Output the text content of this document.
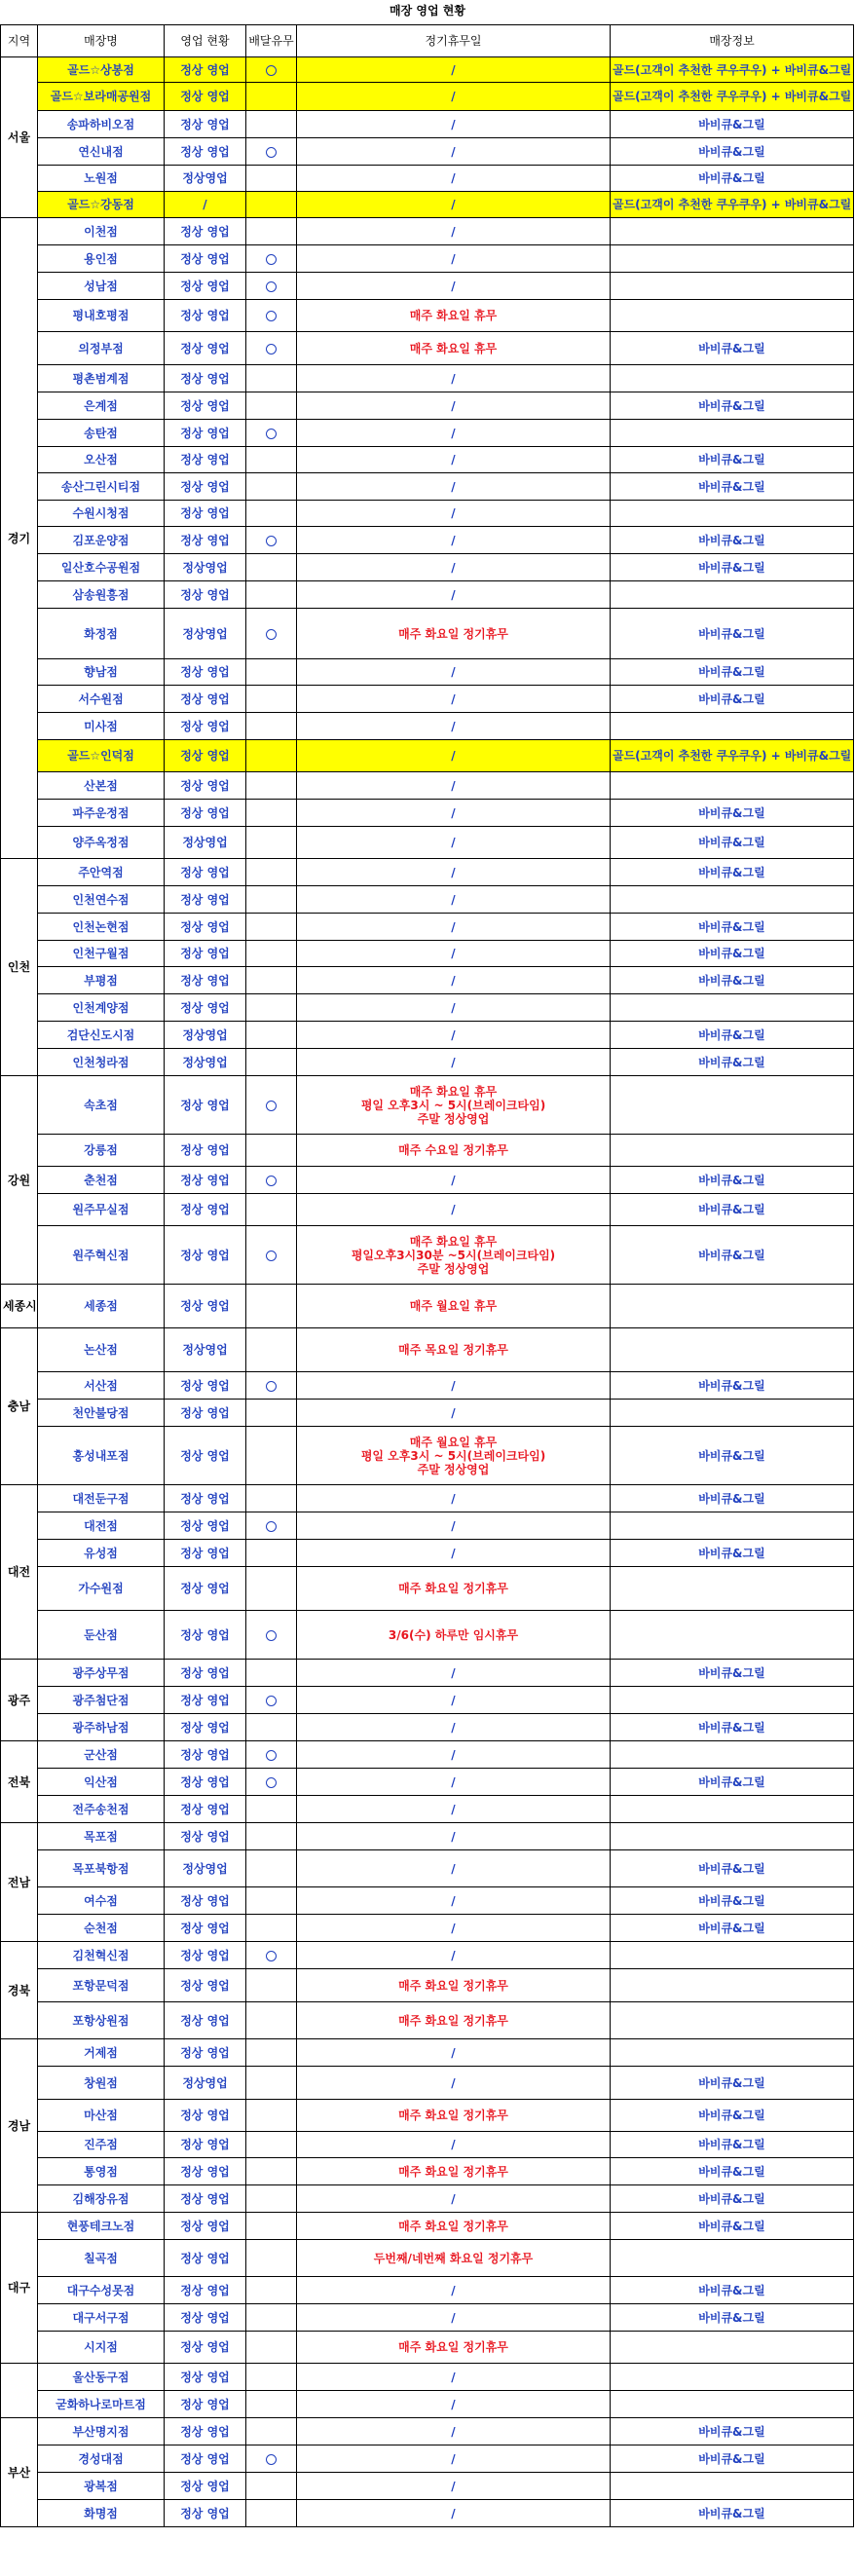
매장 영업 현황
지역	매장명	영업 현황	배달유무	정기휴무일	매장정보
서울	골드☆상봉점	정상 영업		/	골드(고객이 추천한 쿠우쿠우) + 바비큐&그릴
	골드☆보라매공원점	정상 영업		/	골드(고객이 추천한 쿠우쿠우) + 바비큐&그릴
	송파하비오점	정상 영업		/	바비큐&그릴
	연신내점	정상 영업		/	바비큐&그릴
	노원점	정상영업		/	바비큐&그릴
	골드☆강동점	/		/	골드(고객이 추천한 쿠우쿠우) + 바비큐&그릴
경기	이천점	정상 영업		/	

	용인점	정상 영업		/	

	성남점	정상 영업		/	

	평내호평점	정상 영업		매주 화요일 휴무	

	의정부점	정상 영업		매주 화요일 휴무	바비큐&그릴
	평촌범계점	정상 영업		/	

	은계점	정상 영업		/	바비큐&그릴
	송탄점	정상 영업		/	

	오산점	정상 영업		/	바비큐&그릴
	송산그린시티점	정상 영업		/	바비큐&그릴
	수원시청점	정상 영업		/	

	김포운양점	정상 영업		/	바비큐&그릴
	일산호수공원점	정상영업		/	바비큐&그릴
	삼송원흥점	정상 영업		/	

	화정점	정상영업		매주 화요일 정기휴무	바비큐&그릴
	향남점	정상 영업		/	바비큐&그릴
	서수원점	정상 영업		/	바비큐&그릴
	미사점	정상 영업		/	

	골드☆인덕점	정상 영업		/	골드(고객이 추천한 쿠우쿠우) + 바비큐&그릴
	산본점	정상 영업		/	

	파주운정점	정상 영업		/	바비큐&그릴
	양주옥정점	정상영업		/	바비큐&그릴
인천	주안역점	정상 영업		/	바비큐&그릴
	인천연수점	정상 영업		/	

	인천논현점	정상 영업		/	바비큐&그릴
	인천구월점	정상 영업		/	바비큐&그릴
	부평점	정상 영업		/	바비큐&그릴
	인천계양점	정상 영업		/	

	검단신도시점	정상영업		/	바비큐&그릴
	인천청라점	정상영업		/	바비큐&그릴
강원	속초점	정상 영업		매주 화요일 휴무
평일 오후3시 ~ 5시(브레이크타임)
주말 정상영업	

	강릉점	정상 영업		매주 수요일 정기휴무	

	춘천점	정상 영업		/	바비큐&그릴
	원주무실점	정상 영업		/	바비큐&그릴
	원주혁신점	정상 영업		매주 화요일 휴무
평일오후3시30분 ~5시(브레이크타임)
주말 정상영업	바비큐&그릴
세종시	세종점	정상 영업		매주 월요일 휴무	

충남	논산점	정상영업		매주 목요일 정기휴무	

	서산점	정상 영업		/	바비큐&그릴
	천안불당점	정상 영업		/	

	홍성내포점	정상 영업		매주 월요일 휴무
평일 오후3시 ~ 5시(브레이크타임)
주말 정상영업	바비큐&그릴
대전	대전둔구점	정상 영업		/	바비큐&그릴
	대전점	정상 영업		/	

	유성점	정상 영업		/	바비큐&그릴
	가수원점	정상 영업		매주 화요일 정기휴무	

	둔산점	정상 영업		3/6(수) 하루만 임시휴무	

광주	광주상무점	정상 영업		/	바비큐&그릴
	광주첨단점	정상 영업		/	

	광주하남점	정상 영업		/	바비큐&그릴
전북	군산점	정상 영업		/	

	익산점	정상 영업		/	바비큐&그릴
	전주송천점	정상 영업		/	

전남	목포점	정상 영업		/	

	목포북항점	정상영업		/	바비큐&그릴
	여수점	정상 영업		/	바비큐&그릴
	순천점	정상 영업		/	바비큐&그릴
경북	김천혁신점	정상 영업		/	

	포항문덕점	정상 영업		매주 화요일 정기휴무	

	포항상원점	정상 영업		매주 화요일 정기휴무	

경남	거제점	정상 영업		/	

	창원점	정상영업		/	바비큐&그릴
	마산점	정상 영업		매주 화요일 정기휴무	바비큐&그릴
	진주점	정상 영업		/	바비큐&그릴
	통영점	정상 영업		매주 화요일 정기휴무	바비큐&그릴
	김해장유점	정상 영업		/	바비큐&그릴
대구	현풍테크노점	정상 영업		매주 화요일 정기휴무	바비큐&그릴
	칠곡점	정상 영업		두번째/네번째 화요일 정기휴무	

	대구수성못점	정상 영업		/	바비큐&그릴
	대구서구점	정상 영업		/	바비큐&그릴
	시지점	정상 영업		매주 화요일 정기휴무	

	울산동구점	정상 영업		/	

	굳화하나로마트점	정상 영업		/	

부산	부산명지점	정상 영업		/	바비큐&그릴
	경성대점	정상 영업		/	바비큐&그릴
	광복점	정상 영업		/	

	화명점	정상 영업		/	바비큐&그릴
